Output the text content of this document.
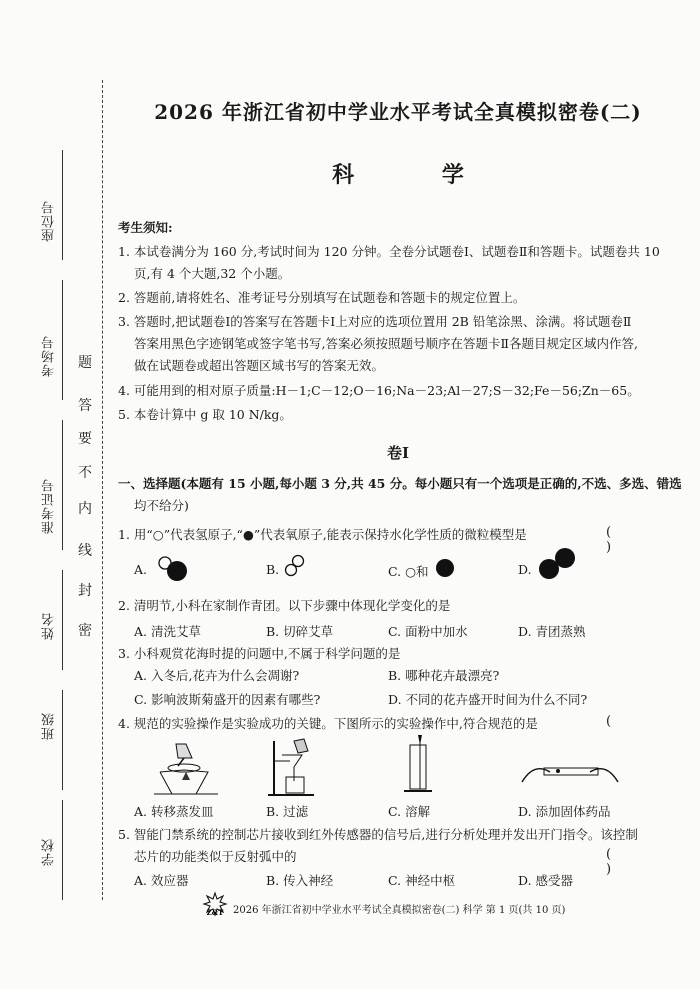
座位号
考场号
准考证号
姓名
班级
学校
题
答
要
不
内
线
封
密
2026 年浙江省初中学业水平考试全真模拟密卷(二)
科 学
考生须知:
1. 本试卷满分为 160 分,考试时间为 120 分钟。全卷分试题卷Ⅰ、试题卷Ⅱ和答题卡。试题卷共 10
页,有 4 个大题,32 个小题。
2. 答题前,请将姓名、准考证号分别填写在试题卷和答题卡的规定位置上。
3. 答题时,把试题卷Ⅰ的答案写在答题卡Ⅰ上对应的选项位置用 2B 铅笔涂黑、涂满。将试题卷Ⅱ
答案用黑色字迹钢笔或签字笔书写,答案必须按照题号顺序在答题卡Ⅱ各题目规定区域内作答,
做在试题卷或超出答题区域书写的答案无效。
4. 可能用到的相对原子质量:H－1;C－12;O－16;Na－23;Al－27;S－32;Fe－56;Zn－65。
5. 本卷计算中 g 取 10 N/kg。
卷Ⅰ
一、选择题(本题有 15 小题,每小题 3 分,共 45 分。每小题只有一个选项是正确的,不选、多选、错选
均不给分)
1. 用“○”代表氢原子,“●”代表氧原子,能表示保持水化学性质的微粒模型是	( )
A.	B.	C. ○和	D.
2. 清明节,小科在家制作青团。以下步骤中体现化学变化的是
A. 清洗艾草	B. 切碎艾草	C. 面粉中加水	D. 青团蒸熟
3. 小科观赏花海时提的问题中,不属于科学问题的是
A. 入冬后,花卉为什么会凋谢?	B. 哪种花卉最漂亮?
C. 影响波斯菊盛开的因素有哪些?	D. 不同的花卉盛开时间为什么不同?
4. 规范的实验操作是实验成功的关键。下图所示的实验操作中,符合规范的是	(
A. 转移蒸发皿	B. 过滤	C. 溶解	D. 添加固体药品
5. 智能门禁系统的控制芯片接收到红外传感器的信号后,进行分析处理并发出开门指令。该控制
芯片的功能类似于反射弧中的	( )
A. 效应器	B. 传入神经	C. 神经中枢	D. 感受器
Z&T 2026 年浙江省初中学业水平考试全真模拟密卷(二) 科学 第 1 页(共 10 页)
